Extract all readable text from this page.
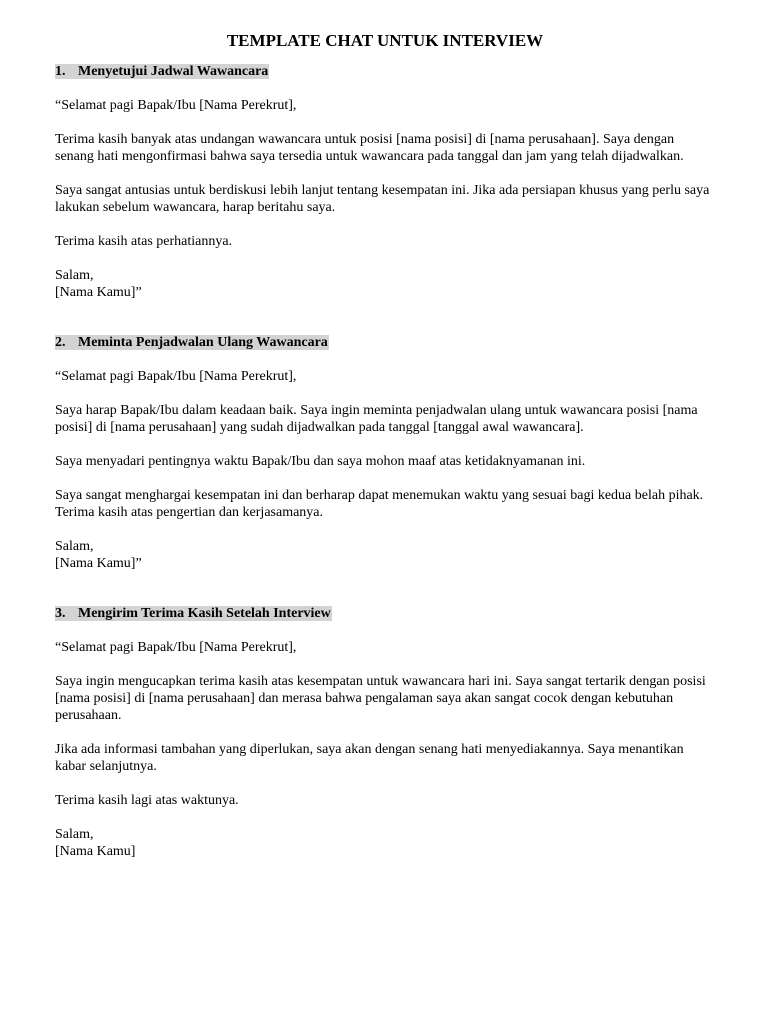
TEMPLATE CHAT UNTUK INTERVIEW

1. Menyetujui Jadwal Wawancara

“Selamat pagi Bapak/Ibu [Nama Perekrut],

Terima kasih banyak atas undangan wawancara untuk posisi [nama posisi] di [nama perusahaan]. Saya dengan senang hati mengonfirmasi bahwa saya tersedia untuk wawancara pada tanggal dan jam yang telah dijadwalkan.

Saya sangat antusias untuk berdiskusi lebih lanjut tentang kesempatan ini. Jika ada persiapan khusus yang perlu saya lakukan sebelum wawancara, harap beritahu saya.

Terima kasih atas perhatiannya.

Salam,

[Nama Kamu]”

2. Meminta Penjadwalan Ulang Wawancara

“Selamat pagi Bapak/Ibu [Nama Perekrut],

Saya harap Bapak/Ibu dalam keadaan baik. Saya ingin meminta penjadwalan ulang untuk wawancara posisi [nama posisi] di [nama perusahaan] yang sudah dijadwalkan pada tanggal [tanggal awal wawancara].

Saya menyadari pentingnya waktu Bapak/Ibu dan saya mohon maaf atas ketidaknyamanan ini.

Saya sangat menghargai kesempatan ini dan berharap dapat menemukan waktu yang sesuai bagi kedua belah pihak. Terima kasih atas pengertian dan kerjasamanya.

Salam,

[Nama Kamu]”

3. Mengirim Terima Kasih Setelah Interview

“Selamat pagi Bapak/Ibu [Nama Perekrut],

Saya ingin mengucapkan terima kasih atas kesempatan untuk wawancara hari ini. Saya sangat tertarik dengan posisi [nama posisi] di [nama perusahaan] dan merasa bahwa pengalaman saya akan sangat cocok dengan kebutuhan perusahaan.

Jika ada informasi tambahan yang diperlukan, saya akan dengan senang hati menyediakannya. Saya menantikan kabar selanjutnya.

Terima kasih lagi atas waktunya.

Salam,

[Nama Kamu]
